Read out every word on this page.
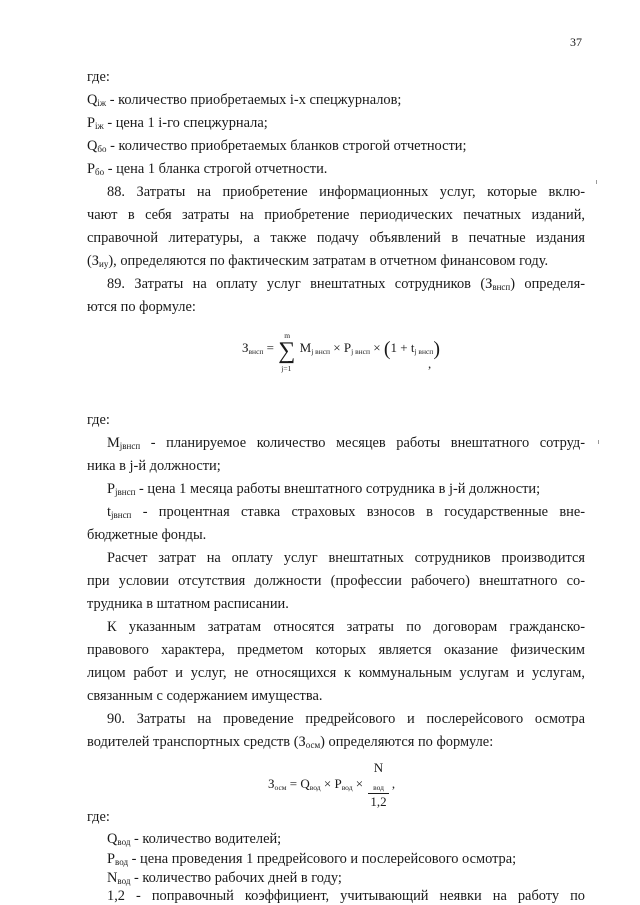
37
где:
$Q_{iж}$ - количество приобретаемых i-х спецжурналов;
$P_{iж}$ - цена 1 i-го спецжурнала;
$Q_{бо}$ - количество приобретаемых бланков строгой отчетности;
$P_{бо}$ - цена 1 бланка строгой отчетности.
88. Затраты на приобретение информационных услуг, которые вклю-
чают в себя затраты на приобретение периодических печатных изданий,
справочной литературы, а также подачу объявлений в печатные издания
$(З_{иу})$, определяются по фактическим затратам в отчетном финансовом году.
89. Затраты на оплату услуг внештатных сотрудников $(З_{внсп})$ определя-
ются по формуле:
$З_{внсп}$ = ∑
m
j=1
$M_{j внсп} \times P_{j внсп} \times (1 + t_{j внсп})$
,
где:
$M_{jвнсп}$ - планируемое количество месяцев работы внештатного сотруд-
ника в j-й должности;
$P_{jвнсп}$ - цена 1 месяца работы внештатного сотрудника в j-й должности;
$t_{jвнсп}$ - процентная ставка страховых взносов в государственные вне-
бюджетные фонды.
Расчет затрат на оплату услуг внештатных сотрудников производится
при условии отсутствия должности (профессии рабочего) внештатного со-
трудника в штатном расписании.
К указанным затратам относятся затраты по договорам гражданско-
правового характера, предметом которых является оказание физическим
лицом работ и услуг, не относящихся к коммунальным услугам и услугам,
связанным с содержанием имущества.
90. Затраты на проведение предрейсового и послерейсового осмотра
водителей транспортных средств $(З_{осм})$ определяются по формуле:
$З_{осм} = Q_{вод} \times P_{вод} \times N$
$_{вод}$
1,2 ,
где:
$Q_{вод}$ - количество водителей;
$P_{вод}$ - цена проведения 1 предрейсового и послерейсового осмотра;
$N_{вод}$ - количество рабочих дней в году;
1,2 - поправочный коэффициент, учитывающий неявки на работу по
